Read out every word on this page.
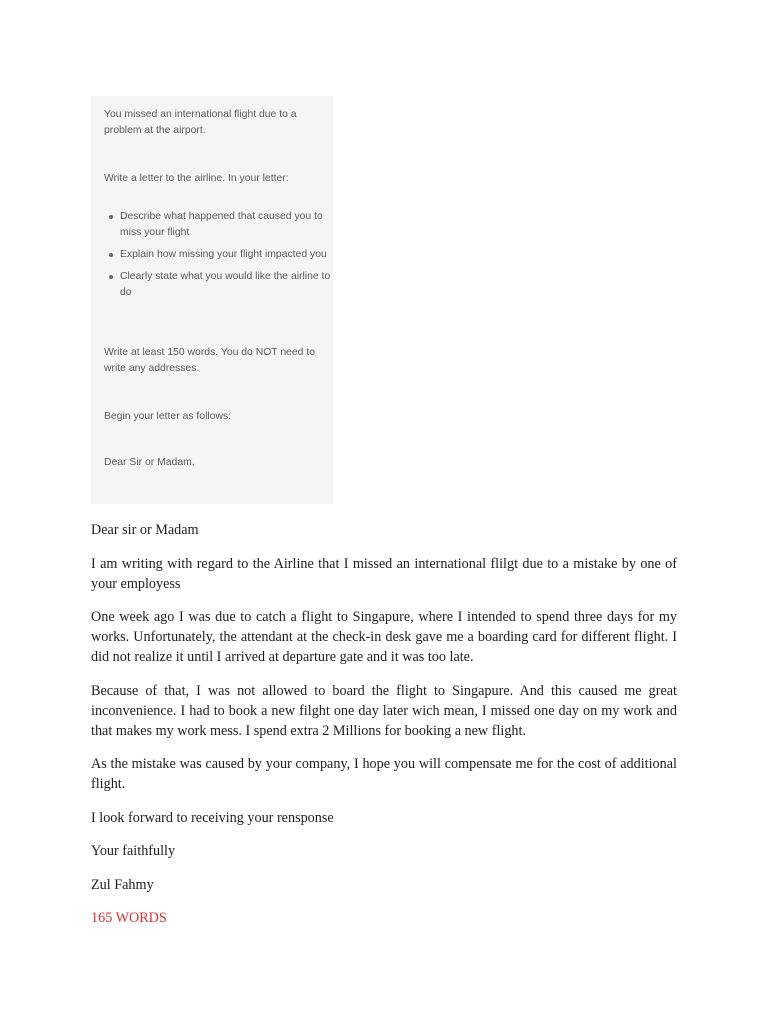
You missed an international flight due to a problem at the airport.

Write a letter to the airline. In your letter:

Describe what happened that caused you to miss your flight
Explain how missing your flight impacted you
Clearly state what you would like the airline to do

Write at least 150 words. You do NOT need to write any addresses.

Begin your letter as follows:

Dear Sir or Madam,

Dear sir or Madam

I am writing with regard to the Airline that I missed an international flilgt due to a mistake by one of your employess

One week ago I was due to catch a flight to Singapure, where I intended to spend three days for my works. Unfortunately, the attendant at the check-in desk gave me a boarding card for different flight. I did not realize it until I arrived at departure gate and it was too late.

Because of that, I was not allowed to board the flight to Singapure. And this caused me great inconvenience. I had to book a new filght one day later wich mean, I missed one day on my work and that makes my work mess. I spend extra 2 Millions for booking a new flight.

As the mistake was caused by your company, I hope you will compensate me for the cost of additional flight.

I look forward to receiving your rensponse

Your faithfully

Zul Fahmy

165 WORDS
